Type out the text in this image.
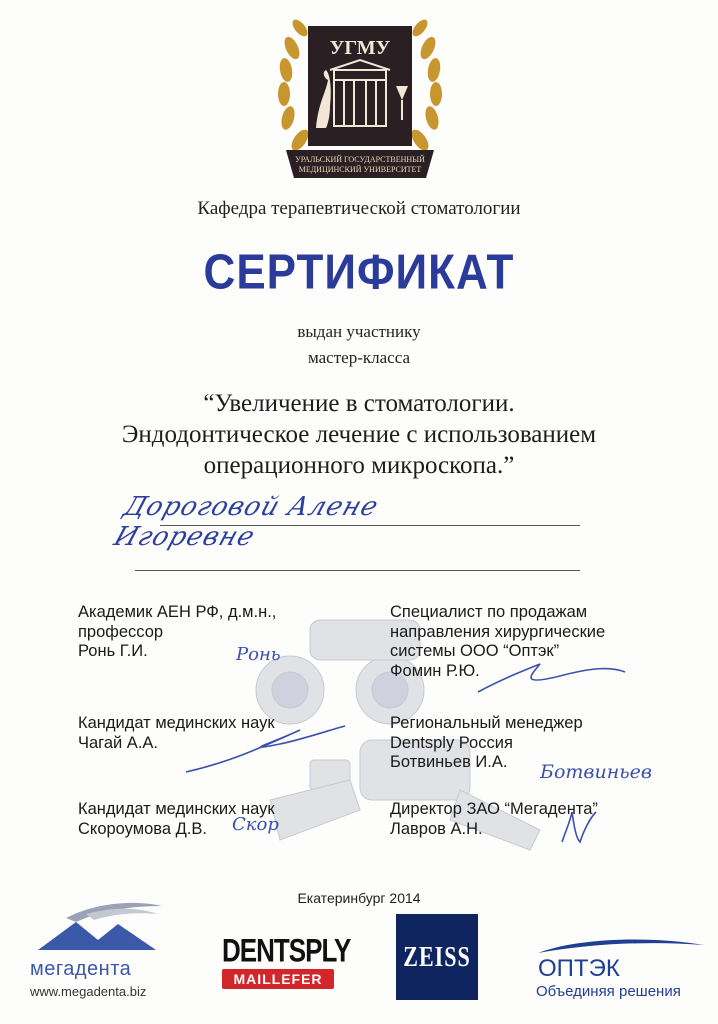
УГМУ
УРАЛЬСКИЙ ГОСУДАРСТВЕННЫЙ
МЕДИЦИНСКИЙ УНИВЕРСИТЕТ
Кафедра терапевтической стоматологии
СЕРТИФИКАТ
выдан участнику
мастер-класса
“Увеличение в стоматологии.
Эндодонтическое лечение с использованием
операционного микроскопа.”
Дороговой Алене Игоревне
Академик АЕН РФ, д.м.н.,
профессор
Ронь Г.И.
Кандидат мединских наук
Чагай А.А.
Кандидат мединских наук
Скороумова Д.В.
Специалист по продажам
направления хирургические
системы ООО “Оптэк”
Фомин Р.Ю.
Региональный менеджер
Dentsply Россия
Ботвиньев И.А.
Директор ЗАО “Мегадента”
Лавров А.Н.
Ронь
Скор
Ботвиньев
Екатеринбург 2014
мегадента
www.megadenta.biz
DENTSPLY
MAILLEFER
ZEISS	ОПТЭК
Объединяя решения
